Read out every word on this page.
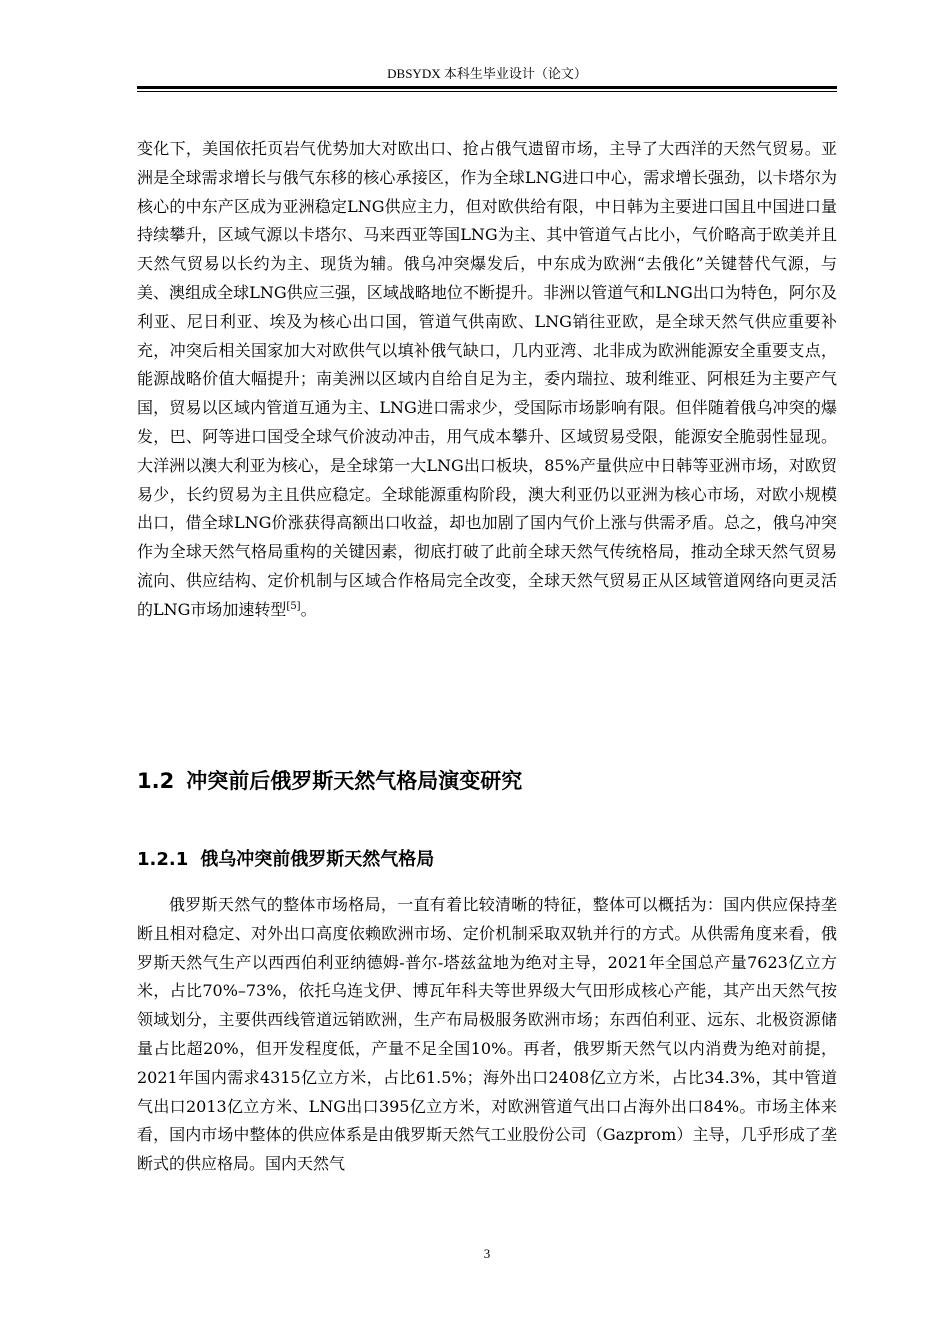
DBSYDX 本科生毕业设计（论文）

变化下，美国依托页岩气优势加大对欧出口、抢占俄气遗留市场，主导了大西洋的天然气贸易。亚洲是全球需求增长与俄气东移的核心承接区，作为全球LNG进口中心，需求增长强劲，以卡塔尔为核心的中东产区成为亚洲稳定LNG供应主力，但对欧供给有限，中日韩为主要进口国且中国进口量持续攀升，区域气源以卡塔尔、马来西亚等国LNG为主、其中管道气占比小，气价略高于欧美并且天然气贸易以长约为主、现货为辅。俄乌冲突爆发后，中东成为欧洲“去俄化”关键替代气源，与美、澳组成全球LNG供应三强，区域战略地位不断提升。非洲以管道气和LNG出口为特色，阿尔及利亚、尼日利亚、埃及为核心出口国，管道气供南欧、LNG销往亚欧，是全球天然气供应重要补充，冲突后相关国家加大对欧供气以填补俄气缺口，几内亚湾、北非成为欧洲能源安全重要支点，能源战略价值大幅提升；南美洲以区域内自给自足为主，委内瑞拉、玻利维亚、阿根廷为主要产气国，贸易以区域内管道互通为主、LNG进口需求少，受国际市场影响有限。但伴随着俄乌冲突的爆发，巴、阿等进口国受全球气价波动冲击，用气成本攀升、区域贸易受限，能源安全脆弱性显现。大洋洲以澳大利亚为核心，是全球第一大LNG出口板块，85%产量供应中日韩等亚洲市场，对欧贸易少，长约贸易为主且供应稳定。全球能源重构阶段，澳大利亚仍以亚洲为核心市场，对欧小规模出口，借全球LNG价涨获得高额出口收益，却也加剧了国内气价上涨与供需矛盾。总之，俄乌冲突作为全球天然气格局重构的关键因素，彻底打破了此前全球天然气传统格局，推动全球天然气贸易流向、供应结构、定价机制与区域合作格局完全改变，全球天然气贸易正从区域管道网络向更灵活的LNG市场加速转型[5]。

1.2 冲突前后俄罗斯天然气格局演变研究
1.2.1 俄乌冲突前俄罗斯天然气格局

俄罗斯天然气的整体市场格局，一直有着比较清晰的特征，整体可以概括为：国内供应保持垄断且相对稳定、对外出口高度依赖欧洲市场、定价机制采取双轨并行的方式。从供需角度来看，俄罗斯天然气生产以西西伯利亚纳德姆-普尔-塔兹盆地为绝对主导，2021年全国总产量7623亿立方米，占比70%–73%，依托乌连戈伊、博瓦年科夫等世界级大气田形成核心产能，其产出天然气按领域划分，主要供西线管道远销欧洲，生产布局极服务欧洲市场；东西伯利亚、远东、北极资源储量占比超20%，但开发程度低，产量不足全国10%。再者，俄罗斯天然气以内消费为绝对前提，2021年国内需求4315亿立方米，占比61.5%；海外出口2408亿立方米，占比34.3%，其中管道气出口2013亿立方米、LNG出口395亿立方米，对欧洲管道气出口占海外出口84%。市场主体来看，国内市场中整体的供应体系是由俄罗斯天然气工业股份公司（Gazprom）主导，几乎形成了垄断式的供应格局。国内天然气

3
